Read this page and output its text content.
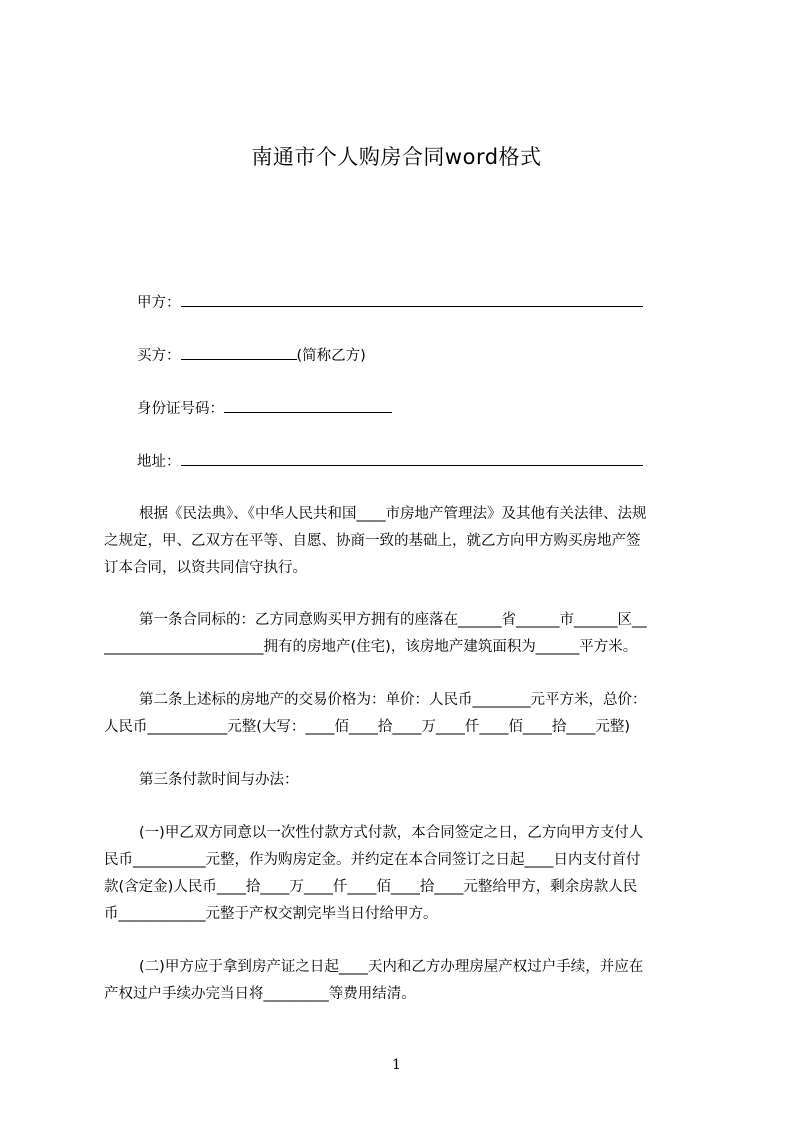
南通市个人购房合同word格式
甲方：
买方：	(简称乙方)
身份证号码：
地址：
根据《民法典》、《中华人民共和国____市房地产管理法》及其他有关法律、法规
之规定，甲、乙双方在平等、自愿、协商一致的基础上，就乙方向甲方购买房地产签
订本合同，以资共同信守执行。
第一条合同标的：乙方同意购买甲方拥有的座落在______省______市______区__
______________________拥有的房地产(住宅)，该房地产建筑面积为______平方米。
第二条上述标的房地产的交易价格为：单价：人民币________元平方米，总价：
人民币___________元整(大写：____佰____拾____万____仟____佰____拾____元整)
第三条付款时间与办法：
(一)甲乙双方同意以一次性付款方式付款，本合同签定之日，乙方向甲方支付人
民币__________元整，作为购房定金。并约定在本合同签订之日起____日内支付首付
款(含定金)人民币____拾____万____仟____佰____拾____元整给甲方，剩余房款人民
币____________元整于产权交割完毕当日付给甲方。
(二)甲方应于拿到房产证之日起____天内和乙方办理房屋产权过户手续，并应在
产权过户手续办完当日将_________等费用结清。
1
